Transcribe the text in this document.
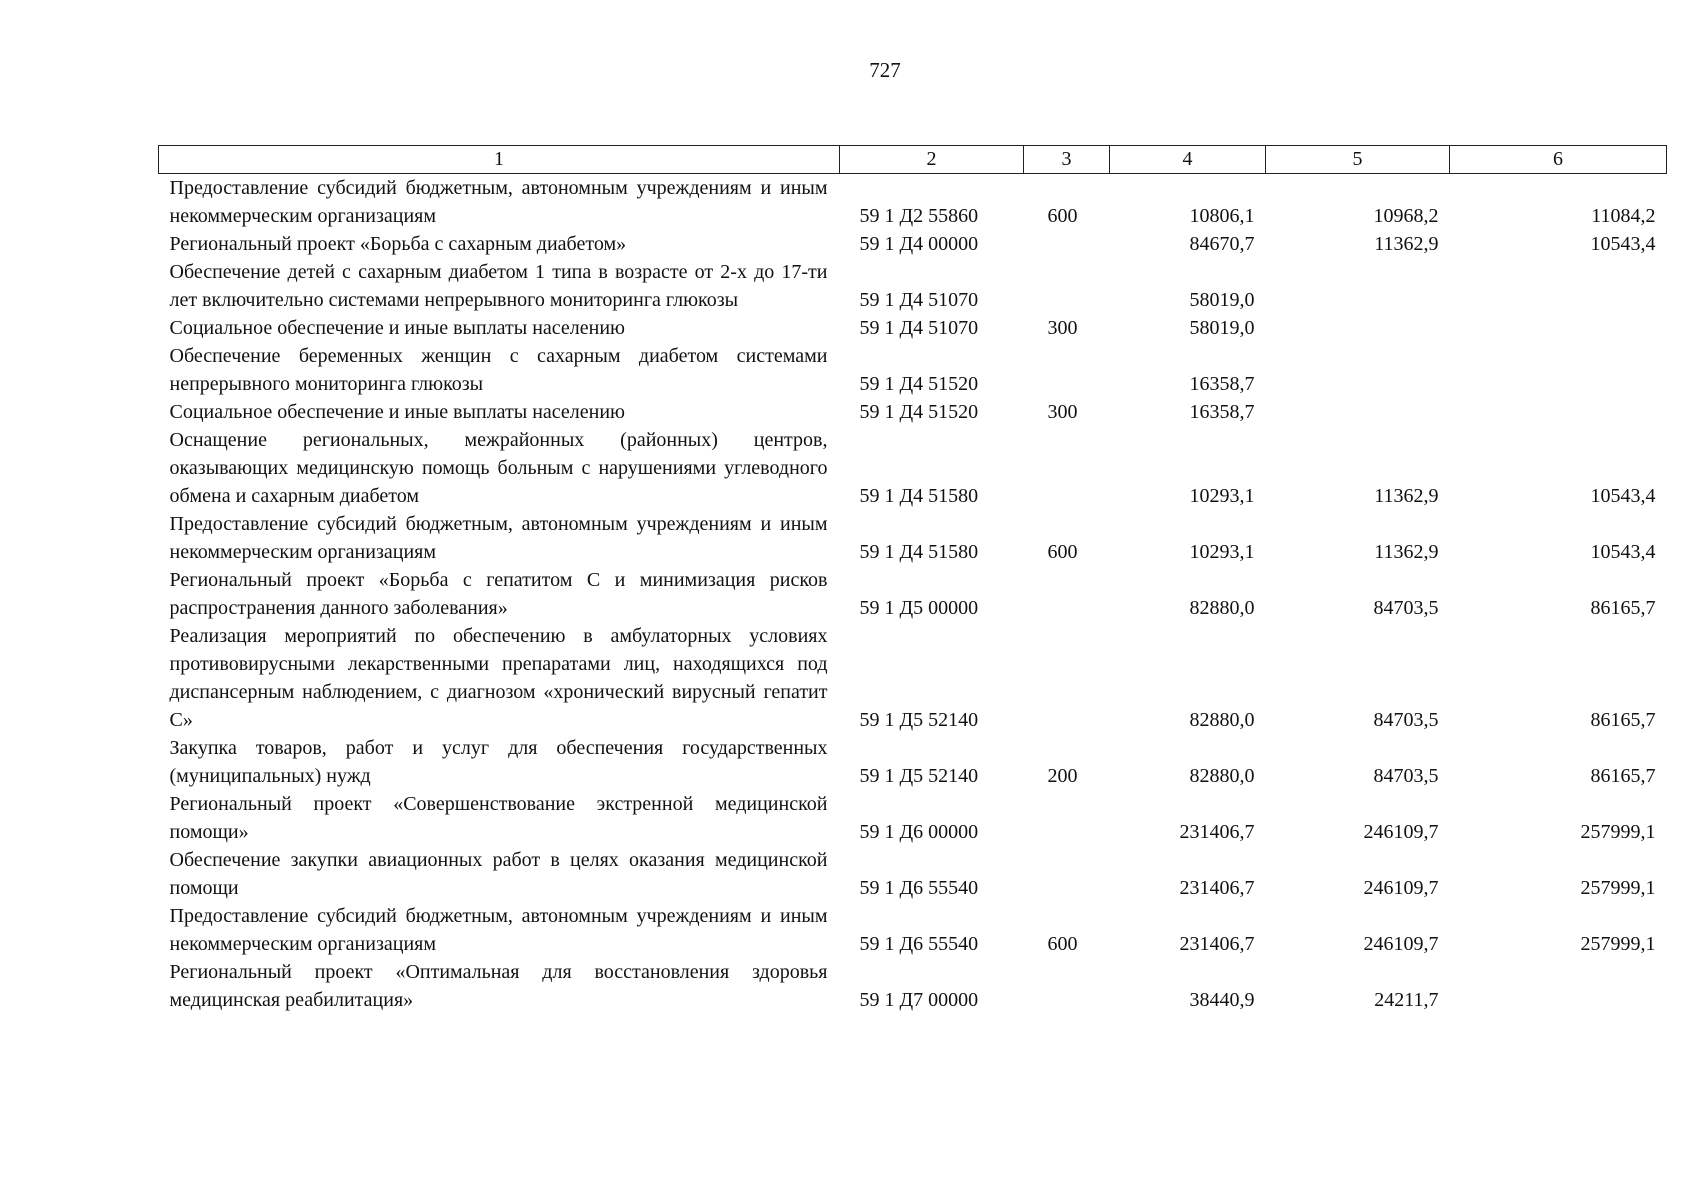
727
1	2	3	4	5	6
Предоставление субсидий бюджетным, автономным учреждениям и иным некоммерческим организациям	59 1 Д2 55860	600	10806,1	10968,2	11084,2
Региональный проект «Борьба с сахарным диабетом»	59 1 Д4 00000		84670,7	11362,9	10543,4
Обеспечение детей с сахарным диабетом 1 типа в возрасте от 2-х до 17-ти лет включительно системами непрерывного мониторинга глюкозы	59 1 Д4 51070		58019,0		
Социальное обеспечение и иные выплаты населению	59 1 Д4 51070	300	58019,0		
Обеспечение беременных женщин с сахарным диабетом системами непрерывного мониторинга глюкозы	59 1 Д4 51520		16358,7		
Социальное обеспечение и иные выплаты населению	59 1 Д4 51520	300	16358,7		
Оснащение региональных, межрайонных (районных) центров, оказывающих медицинскую помощь больным с нарушениями углеводного обмена и сахарным диабетом	59 1 Д4 51580		10293,1	11362,9	10543,4
Предоставление субсидий бюджетным, автономным учреждениям и иным некоммерческим организациям	59 1 Д4 51580	600	10293,1	11362,9	10543,4
Региональный проект «Борьба с гепатитом С и минимизация рисков распространения данного заболевания»	59 1 Д5 00000		82880,0	84703,5	86165,7
Реализация мероприятий по обеспечению в амбулаторных условиях противовирусными лекарственными препаратами лиц, находящихся под диспансерным наблюдением, с диагнозом «хронический вирусный гепатит С»	59 1 Д5 52140		82880,0	84703,5	86165,7
Закупка товаров, работ и услуг для обеспечения государственных (муниципальных) нужд	59 1 Д5 52140	200	82880,0	84703,5	86165,7
Региональный проект «Совершенствование экстренной медицинской помощи»	59 1 Д6 00000		231406,7	246109,7	257999,1
Обеспечение закупки авиационных работ в целях оказания медицинской помощи	59 1 Д6 55540		231406,7	246109,7	257999,1
Предоставление субсидий бюджетным, автономным учреждениям и иным некоммерческим организациям	59 1 Д6 55540	600	231406,7	246109,7	257999,1
Региональный проект «Оптимальная для восстановления здоровья медицинская реабилитация»	59 1 Д7 00000		38440,9	24211,7	
